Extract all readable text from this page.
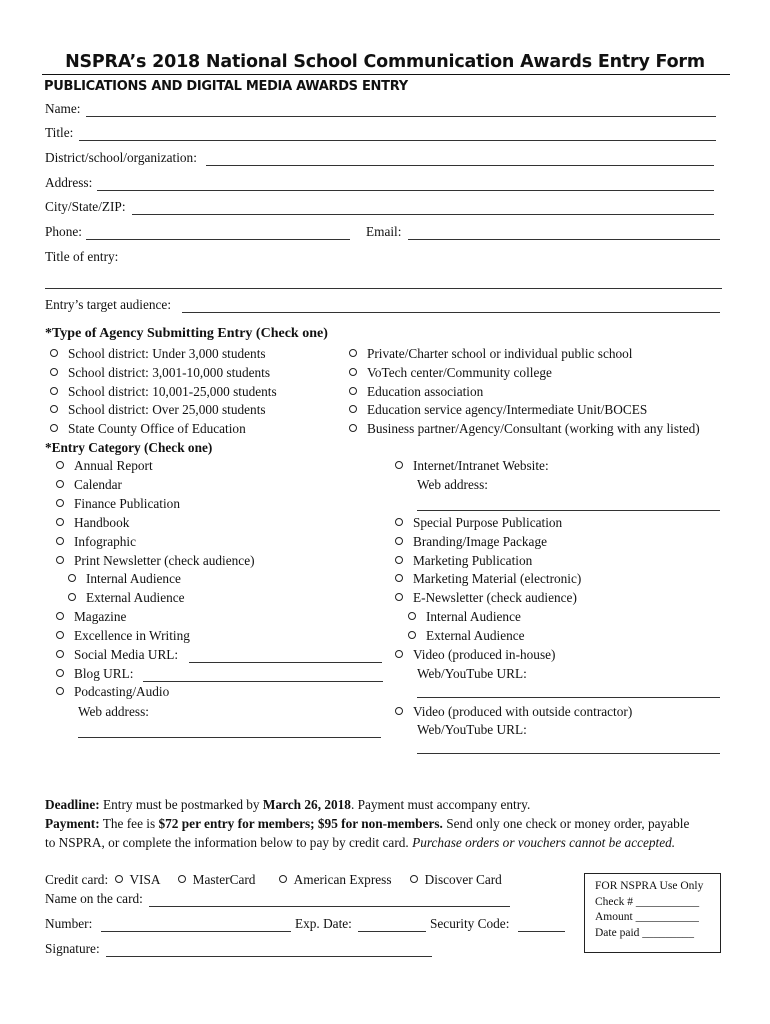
NSPRA’s 2018 National School Communication Awards Entry Form
PUBLICATIONS AND DIGITAL MEDIA AWARDS ENTRY
Name:
Title:
District/school/organization:
Address:
City/State/ZIP:
Phone:	Email:
Title of entry:
Entry’s target audience:
*Type of Agency Submitting Entry (Check one)
School district: Under 3,000 students
School district: 3,001-10,000 students
School district: 10,001-25,000 students
School district: Over 25,000 students
State County Office of Education
Private/Charter school or individual public school
VoTech center/Community college
Education association
Education service agency/Intermediate Unit/BOCES
Business partner/Agency/Consultant (working with any listed)
*Entry Category (Check one)
Annual Report
Calendar
Finance Publication
Handbook
Infographic
Print Newsletter (check audience)
Internal Audience
External Audience
Magazine
Excellence in Writing
Social Media URL:
Blog URL:
Podcasting/Audio
Web address:
Internet/Intranet Website:
Web address:
Special Purpose Publication
Branding/Image Package
Marketing Publication
Marketing Material (electronic)
E-Newsletter (check audience)
Internal Audience
External Audience
Video (produced in-house)
Web/YouTube URL:
Video (produced with outside contractor)
Web/YouTube URL:
Deadline: Entry must be postmarked by March 26, 2018. Payment must accompany entry.
Payment: The fee is $72 per entry for members; $95 for non-members. Send only one check or money order, payable
to NSPRA, or complete the information below to pay by credit card. Purchase orders or vouchers cannot be accepted.
Credit card: VISA	MasterCard	American Express	Discover Card
Name on the card:
Number:	Exp. Date:	Security Code:
Signature:
FOR NSPRA Use Only
Check # ___________
Amount ___________
Date paid _________
